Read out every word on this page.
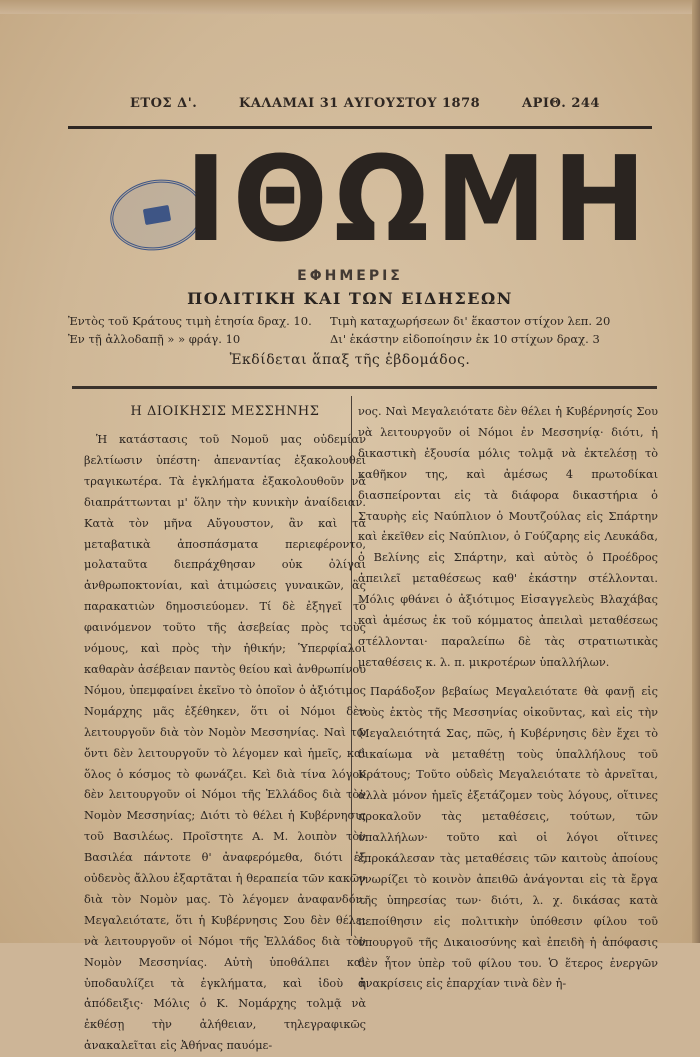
ΕΤΟΣ Δ'.	ΚΑΛΑΜΑΙ 31 ΑΥΓΟΥΣΤΟΥ 1878	ΑΡΙΘ. 244
ΙΘΩΜΗ
ΕΦΗΜΕΡΙΣ
ΠΟΛΙΤΙΚΗ ΚΑΙ ΤΩΝ ΕΙΔΗΣΕΩΝ
Ἐντὸς τοῦ Κράτους τιμὴ ἐτησία δραχ. 10.	Τιμὴ καταχωρήσεων δι' ἕκαστον στίχον λεπ. 20
Ἐν τῇ ἀλλοδαπῇ » » φράγ. 10	Δι' ἑκάστην εἰδοποίησιν ἐκ 10 στίχων δραχ. 3
Ἐκδίδεται ἅπαξ τῆς ἑβδομάδος.
Η ΔΙΟΙΚΗΣΙΣ ΜΕΣΣΗΝΗΣ

Ἡ κατάστασις τοῦ Νομοῦ μας οὐδεμίαν βελτίωσιν ὑπέστη· ἀπεναντίας ἐξακολουθεῖ τραγικωτέρα. Τὰ ἐγκλήματα ἐξακολουθοῦν νὰ διαπράττωνται μ' ὅλην τὴν κυνικὴν ἀναίδειαν. Κατὰ τὸν μῆνα Αὔγουστον, ἂν καὶ τὰ μεταβατικὰ ἀποσπάσματα περιεφέροντο, μολαταῦτα διεπράχθησαν οὐκ ὀλίγαι ἀνθρωποκτονίαι, καὶ ἀτιμώσεις γυναικῶν, ἃς παρακατιὼν δημοσιεύομεν. Τί δὲ ἐξηγεῖ τὸ φαινόμενον τοῦτο τῆς ἀσεβείας πρὸς τοὺς νόμους, καὶ πρὸς τὴν ἠθικήν; Ὑπερφίαλοι καθαρὰν ἀσέβειαν παντὸς θείου καὶ ἀνθρωπίνου Νόμου, ὑπεμφαίνει ἐκεῖνο τὸ ὁποῖον ὁ ἀξιότιμος Νομάρχης μᾶς ἐξέθηκεν, ὅτι οἱ Νόμοι δὲν λειτουργοῦν διὰ τὸν Νομὸν Μεσσηνίας. Ναὶ τῷ ὄντι δὲν λειτουργοῦν τὸ λέγομεν καὶ ἡμεῖς, καὶ ὅλος ὁ κόσμος τὸ φωνάζει. Κεὶ διὰ τίνα λόγον δὲν λειτουργοῦν οἱ Νόμοι τῆς Ἑλλάδος διὰ τὸν Νομὸν Μεσσηνίας; Διότι τὸ θέλει ἡ Κυβέρνησις τοῦ Βασιλέως. Προῖστητε Α. Μ. λοιπὸν τὸν Βασιλέα πάντοτε θ' ἀναφερόμεθα, διότι ἐξ οὐδενὸς ἄλλου ἐξαρτᾶται ἡ θεραπεία τῶν κακῶν διὰ τὸν Νομὸν μας. Τὸ λέγομεν ἀναφανδόν, Μεγαλειότατε, ὅτι ἡ Κυβέρνησις Σου δὲν θέλει νὰ λειτουργοῦν οἱ Νόμοι τῆς Ἑλλάδος διὰ τὸν Νομὸν Μεσσηνίας. Αὐτὴ ὑποθάλπει καὶ ὑποδαυλίζει τὰ ἐγκλήματα, καὶ ἰδοὺ ἡ ἀπόδειξις· Μόλις ὁ Κ. Νομάρχης τολμᾷ νὰ ἐκθέσῃ τὴν ἀλήθειαν, τηλεγραφικῶς ἀνακαλεῖται εἰς Ἀθήνας παυόμε-

νος. Ναὶ Μεγαλειότατε δὲν θέλει ἡ Κυβέρνησίς Σου νὰ λειτουργοῦν οἱ Νόμοι ἐν Μεσσηνίᾳ· διότι, ἡ δικαστικὴ ἐξουσία μόλις τολμᾷ νὰ ἐκτελέσῃ τὸ καθῆκον της, καὶ ἀμέσως 4 πρωτοδίκαι διασπείρονται εἰς τὰ διάφορα δικαστήρια ὁ Σταυρὴς εἰς Ναύπλιον ὁ Μουτζούλας εἰς Σπάρτην καὶ ἐκεῖθεν εἰς Ναύπλιον, ὁ Γούζαρης εἰς Λευκάδα, ὁ Βελίνης εἰς Σπάρτην, καὶ αὐτὸς ὁ Προέδρος ἀπειλεῖ μεταθέσεως καθ' ἑκάστην στέλλονται. Μόλις φθάνει ὁ ἀξιότιμος Εἰσαγγελεὺς Βλαχάβας καὶ ἀμέσως ἐκ τοῦ κόμματος ἀπειλαὶ μεταθέσεως στέλλονται· παραλείπω δὲ τὰς στρατιωτικὰς μεταθέσεις κ. λ. π. μικροτέρων ὑπαλλήλων.

Παράδοξον βεβαίως Μεγαλειότατε θὰ φανῇ εἰς τοὺς ἐκτὸς τῆς Μεσσηνίας οἰκοῦντας, καὶ εἰς τὴν Μεγαλειότητά Σας, πῶς, ἡ Κυβέρνησις δὲν ἔχει τὸ δικαίωμα νὰ μεταθέτῃ τοὺς ὑπαλλήλους τοῦ Κράτους; Τοῦτο οὐδεὶς Μεγαλειότατε τὸ ἀρνεῖται, ἀλλὰ μόνον ἡμεῖς ἐξετάζομεν τοὺς λόγους, οἵτινες προκαλοῦν τὰς μεταθέσεις, τούτων, τῶν ὑπαλλήλων· τοῦτο καὶ οἱ λόγοι οἵτινες ἐπροκάλεσαν τὰς μεταθέσεις τῶν καιτοὺς ἀποίους γνωρίζει τὸ κοινὸν ἀπειθῶ ἀνάγονται εἰς τὰ ἔργα τῆς ὑπηρεσίας των· διότι, λ. χ. δικάσας κατὰ πεποίθησιν εἰς πολιτικὴν ὑπόθεσιν φίλου τοῦ ὑπουργοῦ τῆς Δικαιοσύνης καὶ ἐπειδὴ ἡ ἀπόφασις δὲν ἦτον ὑπὲρ τοῦ φίλου του. Ὁ ἕτερος ἐνεργῶν ἀνακρίσεις εἰς ἐπαρχίαν τινὰ δὲν ἠ-
